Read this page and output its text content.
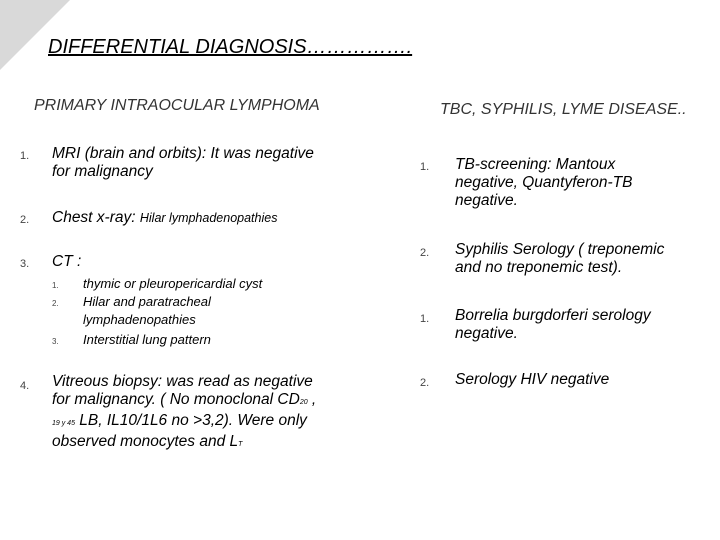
DIFFERENTIAL DIAGNOSIS…………….
PRIMARY INTRAOCULAR LYMPHOMA
1. MRI (brain and orbits): It was negative
for malignancy
2. Chest x-ray: Hilar lymphadenopathies
3. CT :
1. thymic or pleuropericardial cyst
2. Hilar and paratracheal
lymphadenopathies
3. Interstitial lung pattern
4. Vitreous biopsy: was read as negative
for malignancy. ( No monoclonal CD20 ,
19 y 45 LB, IL10/1L6 no >3,2). Were only
observed monocytes and LT
TBC, SYPHILIS, LYME DISEASE..
1. TB-screening: Mantoux
negative, Quantyferon-TB
negative.
2. Syphilis Serology ( treponemic
and no treponemic test).
1. Borrelia burgdorferi serology
negative.
2. Serology HIV negative
